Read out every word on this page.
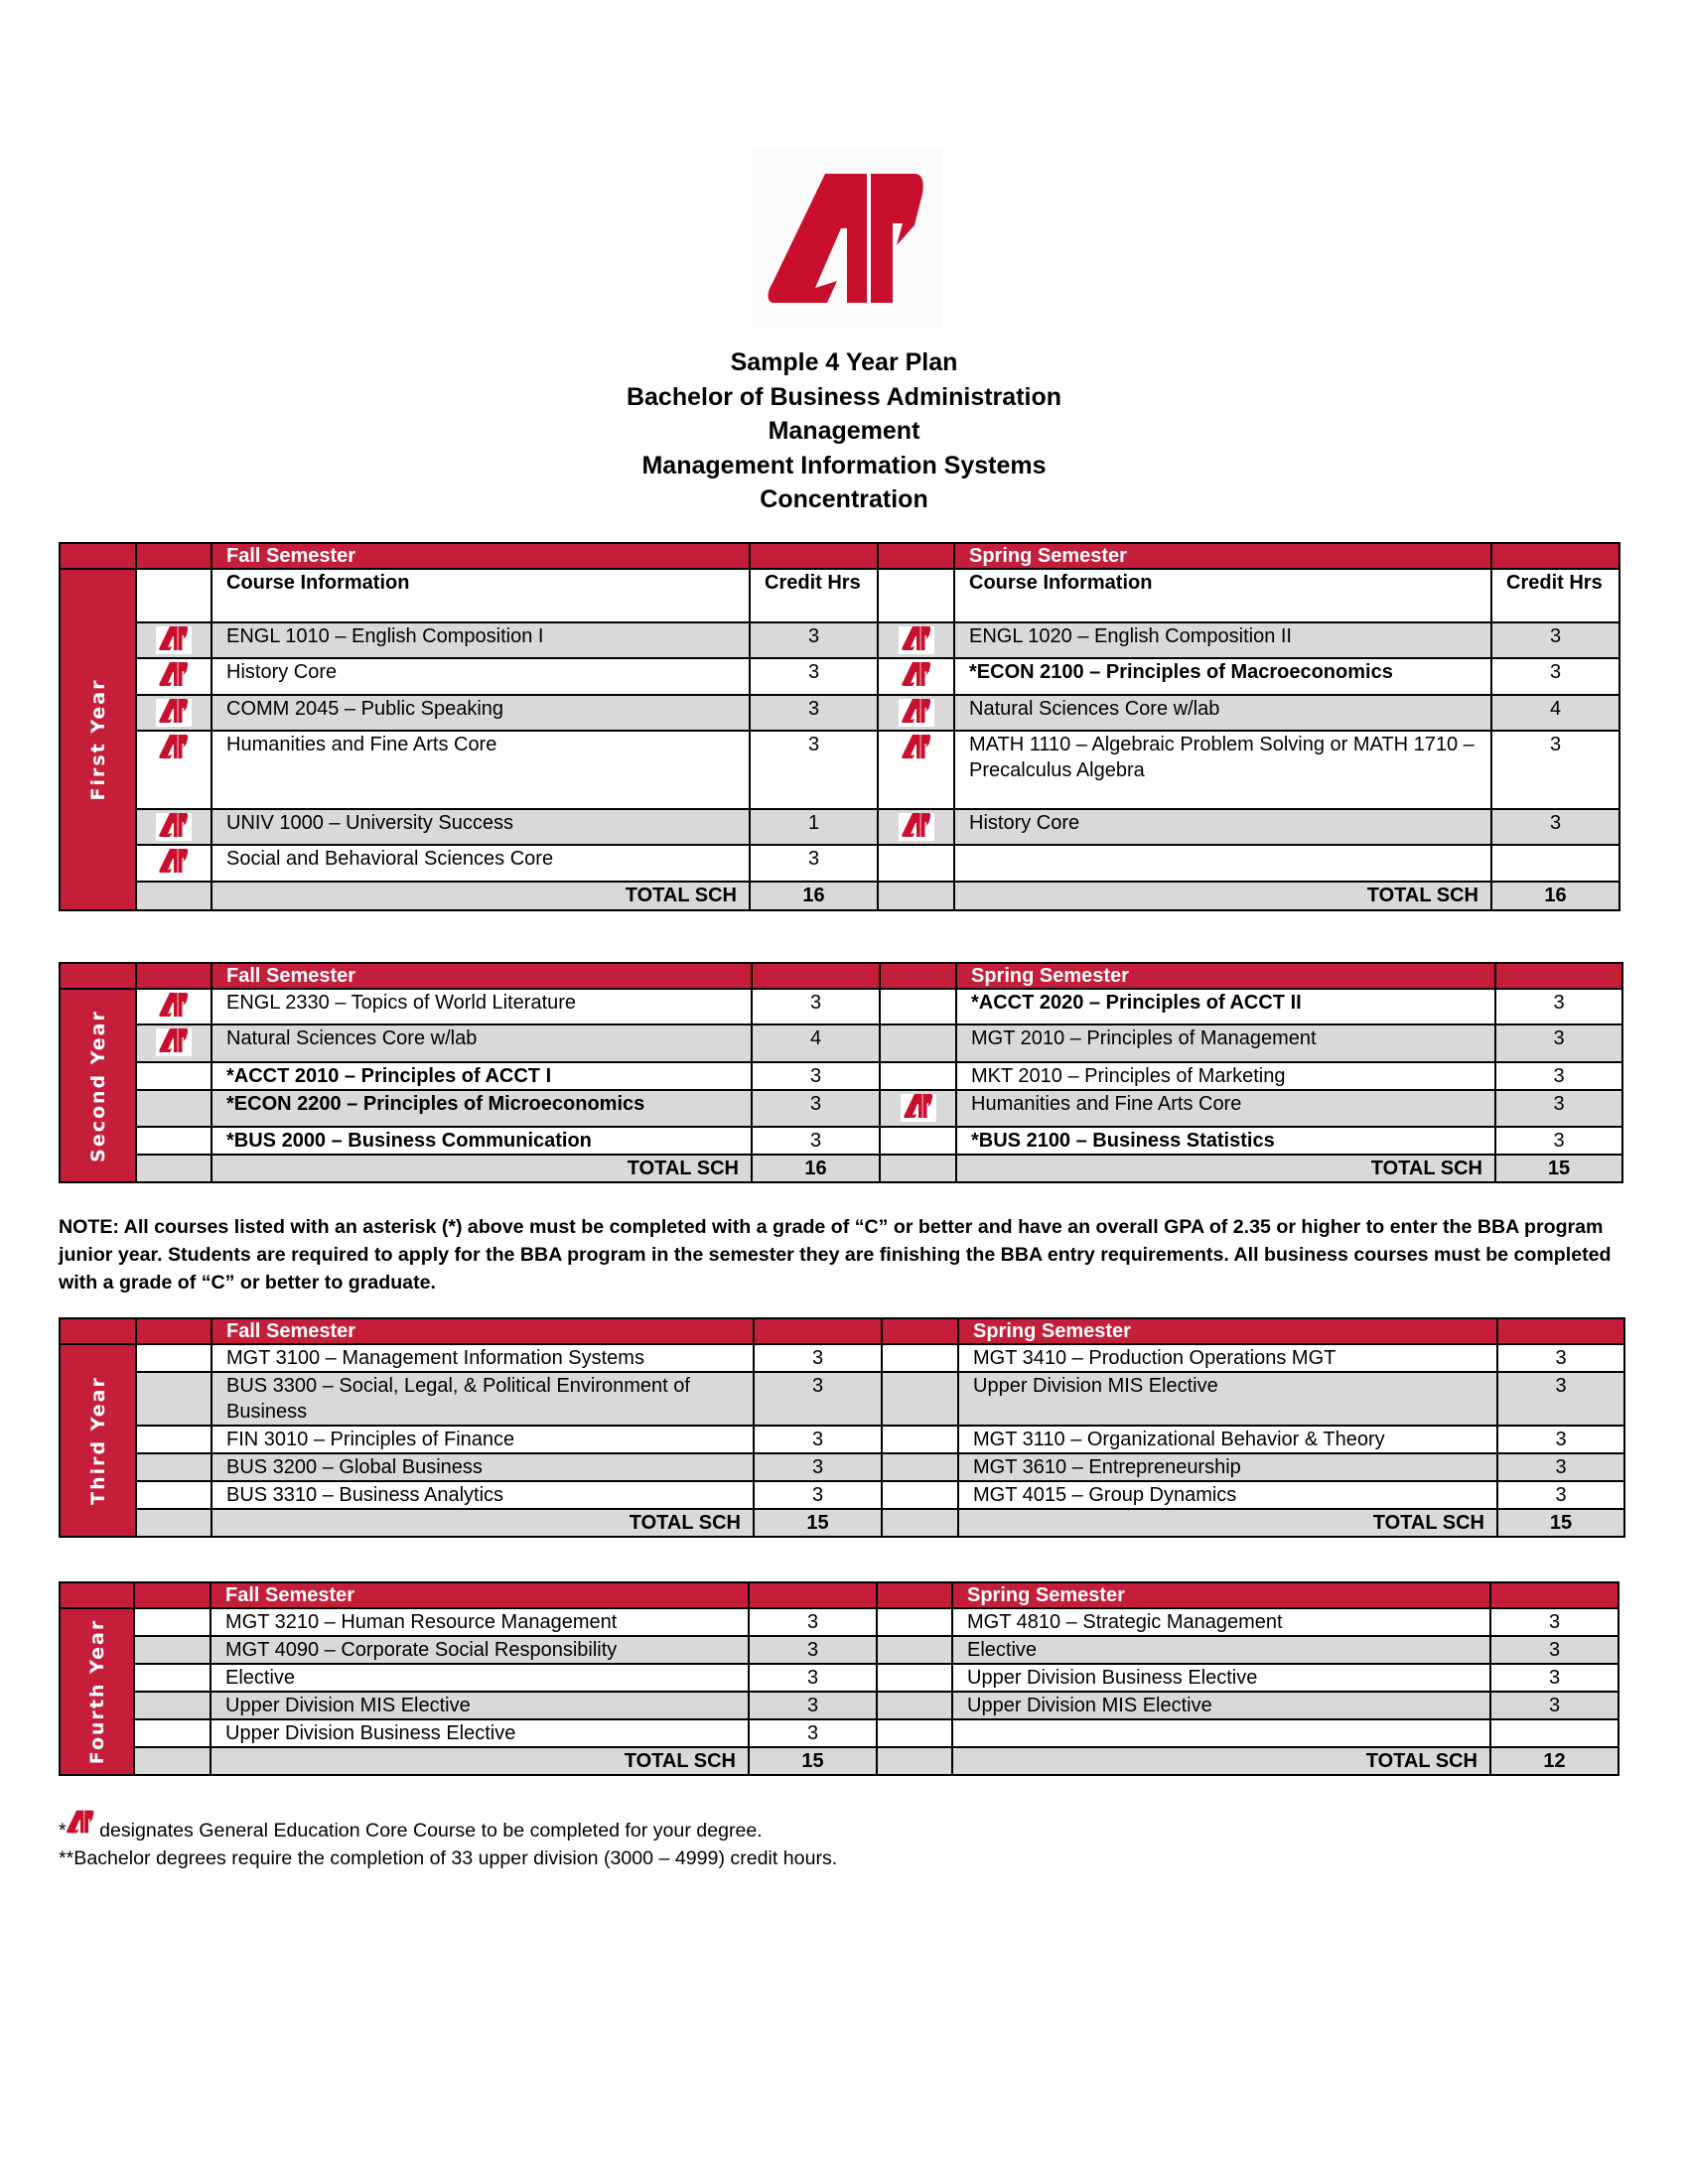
Sample 4 Year Plan
Bachelor of Business Administration
Management
Management Information Systems
Concentration
		Fall Semester			Spring Semester	

First Year		Course Information	Credit Hrs		Course Information	Credit Hrs
	ENGL 1010 – English Composition I	3		ENGL 1020 – English Composition II	3
	History Core	3		*ECON 2100 – Principles of Macroeconomics	3
	COMM 2045 – Public Speaking	3		Natural Sciences Core w/lab	4
	Humanities and Fine Arts Core	3		MATH 1110 – Algebraic Problem Solving or MATH 1710 – Precalculus Algebra	3
	UNIV 1000 – University Success	1		History Core	3
	Social and Behavioral Sciences Core	3			
		TOTAL SCH	16		TOTAL SCH	16
		Fall Semester			Spring Semester	

Second Year		ENGL 2330 – Topics of World Literature	3		*ACCT 2020 – Principles of ACCT II	3
	Natural Sciences Core w/lab	4		MGT 2010 – Principles of Management	3
		*ACCT 2010 – Principles of ACCT I	3		MKT 2010 – Principles of Marketing	3
		*ECON 2200 – Principles of Microeconomics	3		Humanities and Fine Arts Core	3
		*BUS 2000 – Business Communication	3		*BUS 2100 – Business Statistics	3
		TOTAL SCH	16		TOTAL SCH	15
		Fall Semester			Spring Semester	

Third Year		MGT 3100 – Management Information Systems	3		MGT 3410 – Production Operations MGT	3
		BUS 3300 – Social, Legal, & Political Environment of Business	3		Upper Division MIS Elective	3
		FIN 3010 – Principles of Finance	3		MGT 3110 – Organizational Behavior & Theory	3
		BUS 3200 – Global Business	3		MGT 3610 – Entrepreneurship	3
		BUS 3310 – Business Analytics	3		MGT 4015 – Group Dynamics	3
		TOTAL SCH	15		TOTAL SCH	15
		Fall Semester			Spring Semester	

Fourth Year		MGT 3210 – Human Resource Management	3		MGT 4810 – Strategic Management	3
		MGT 4090 – Corporate Social Responsibility	3		Elective	3
		Elective	3		Upper Division Business Elective	3
		Upper Division MIS Elective	3		Upper Division MIS Elective	3
		Upper Division Business Elective	3			
		TOTAL SCH	15		TOTAL SCH	12
NOTE: All courses listed with an asterisk (*) above must be completed with a grade of “C” or better and have an overall GPA of 2.35 or higher to enter the BBA program junior year. Students are required to apply for the BBA program in the semester they are finishing the BBA entry requirements. All business courses must be completed with a grade of “C” or better to graduate.
* designates General Education Core Course to be completed for your degree.
**Bachelor degrees require the completion of 33 upper division (3000 – 4999) credit hours.
